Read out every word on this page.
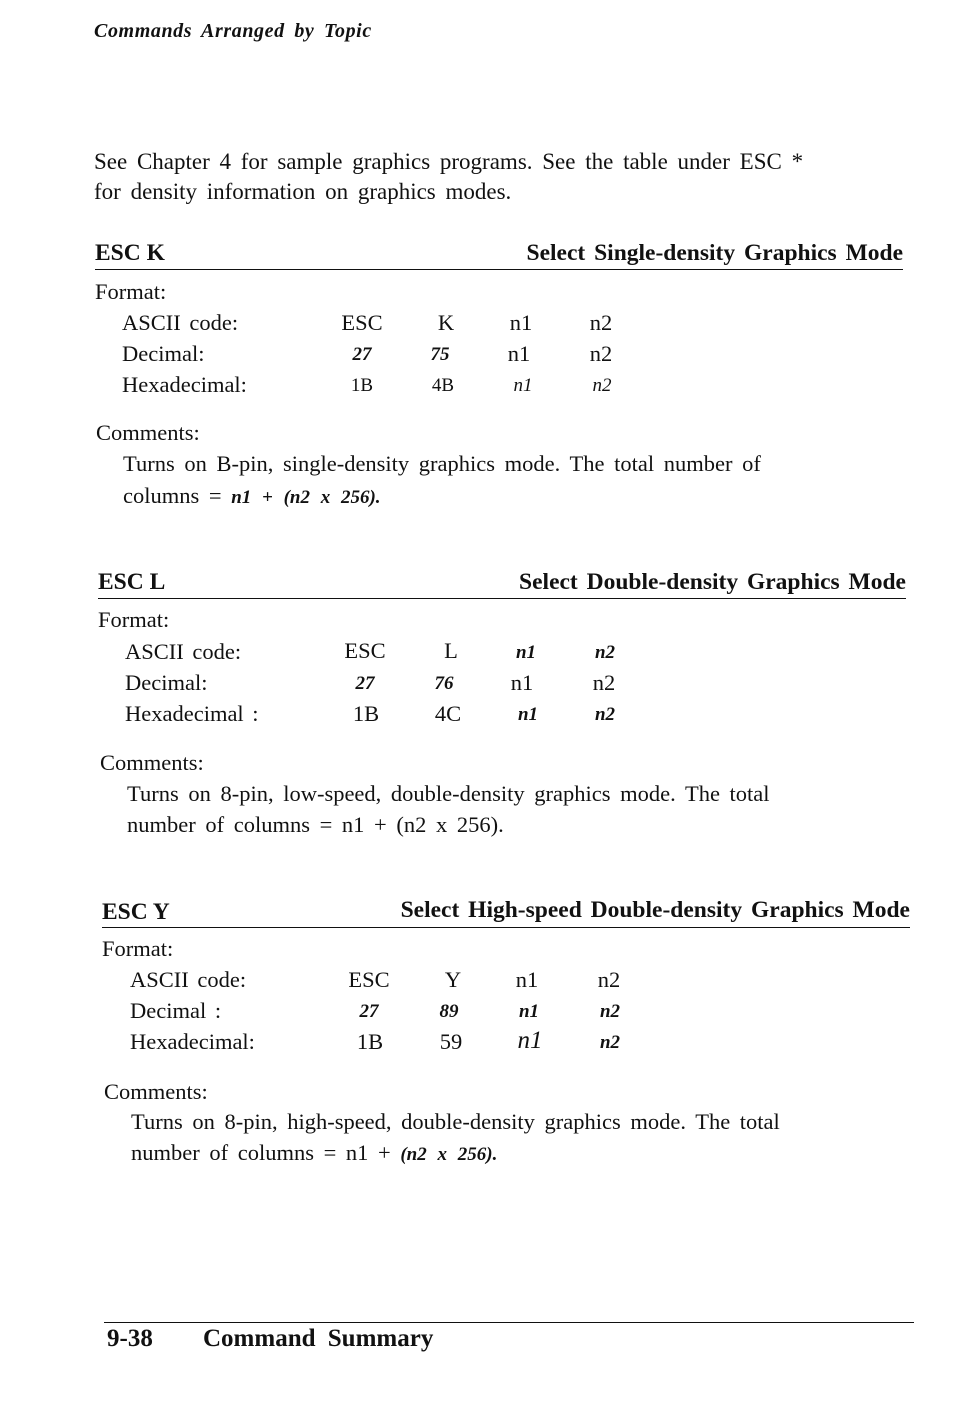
Commands Arranged by Topic
See Chapter 4 for sample graphics programs. See the table under ESC *
for density information on graphics modes.
ESC K	Select Single-density Graphics Mode
Format:
ASCII code:	ESC	K	n1	n2
Decimal:	27	75	n1	n2
Hexadecimal:	1B	4B	n1	n2
Comments:
Turns on B-pin, single-density graphics mode. The total number of
columns = n1 + (n2 x 256).
ESC L	Select Double-density Graphics Mode
Format:
ASCII code:	ESC	L	n1	n2
Decimal:	27	76	n1	n2
Hexadecimal :	1B	4C	n1	n2
Comments:
Turns on 8-pin, low-speed, double-density graphics mode. The total
number of columns = n1 + (n2 x 256).
ESC Y	Select High-speed Double-density Graphics Mode
Format:
ASCII code:	ESC	Y	n1	n2
Decimal :	27	89	n1	n2
Hexadecimal:	1B	59	n1	n2
Comments:
Turns on 8-pin, high-speed, double-density graphics mode. The total
number of columns = n1 + (n2 x 256).
9-38 Command Summary
